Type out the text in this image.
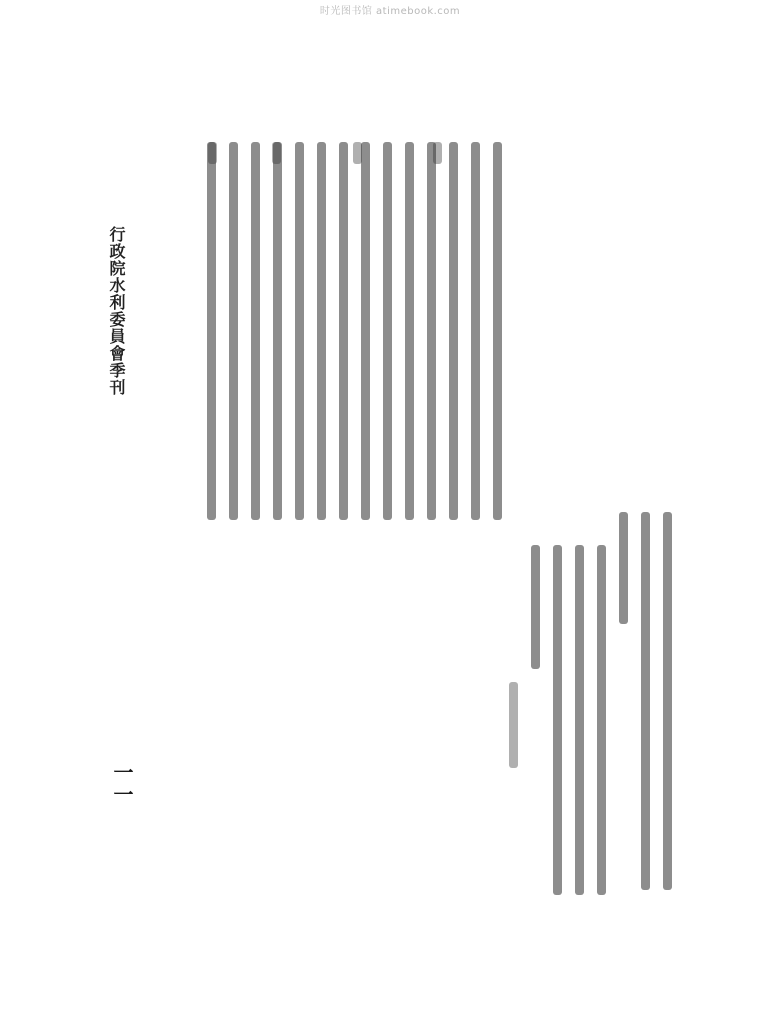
时光图书馆 atimebook.com
行政院水利委員會季刊
一一
